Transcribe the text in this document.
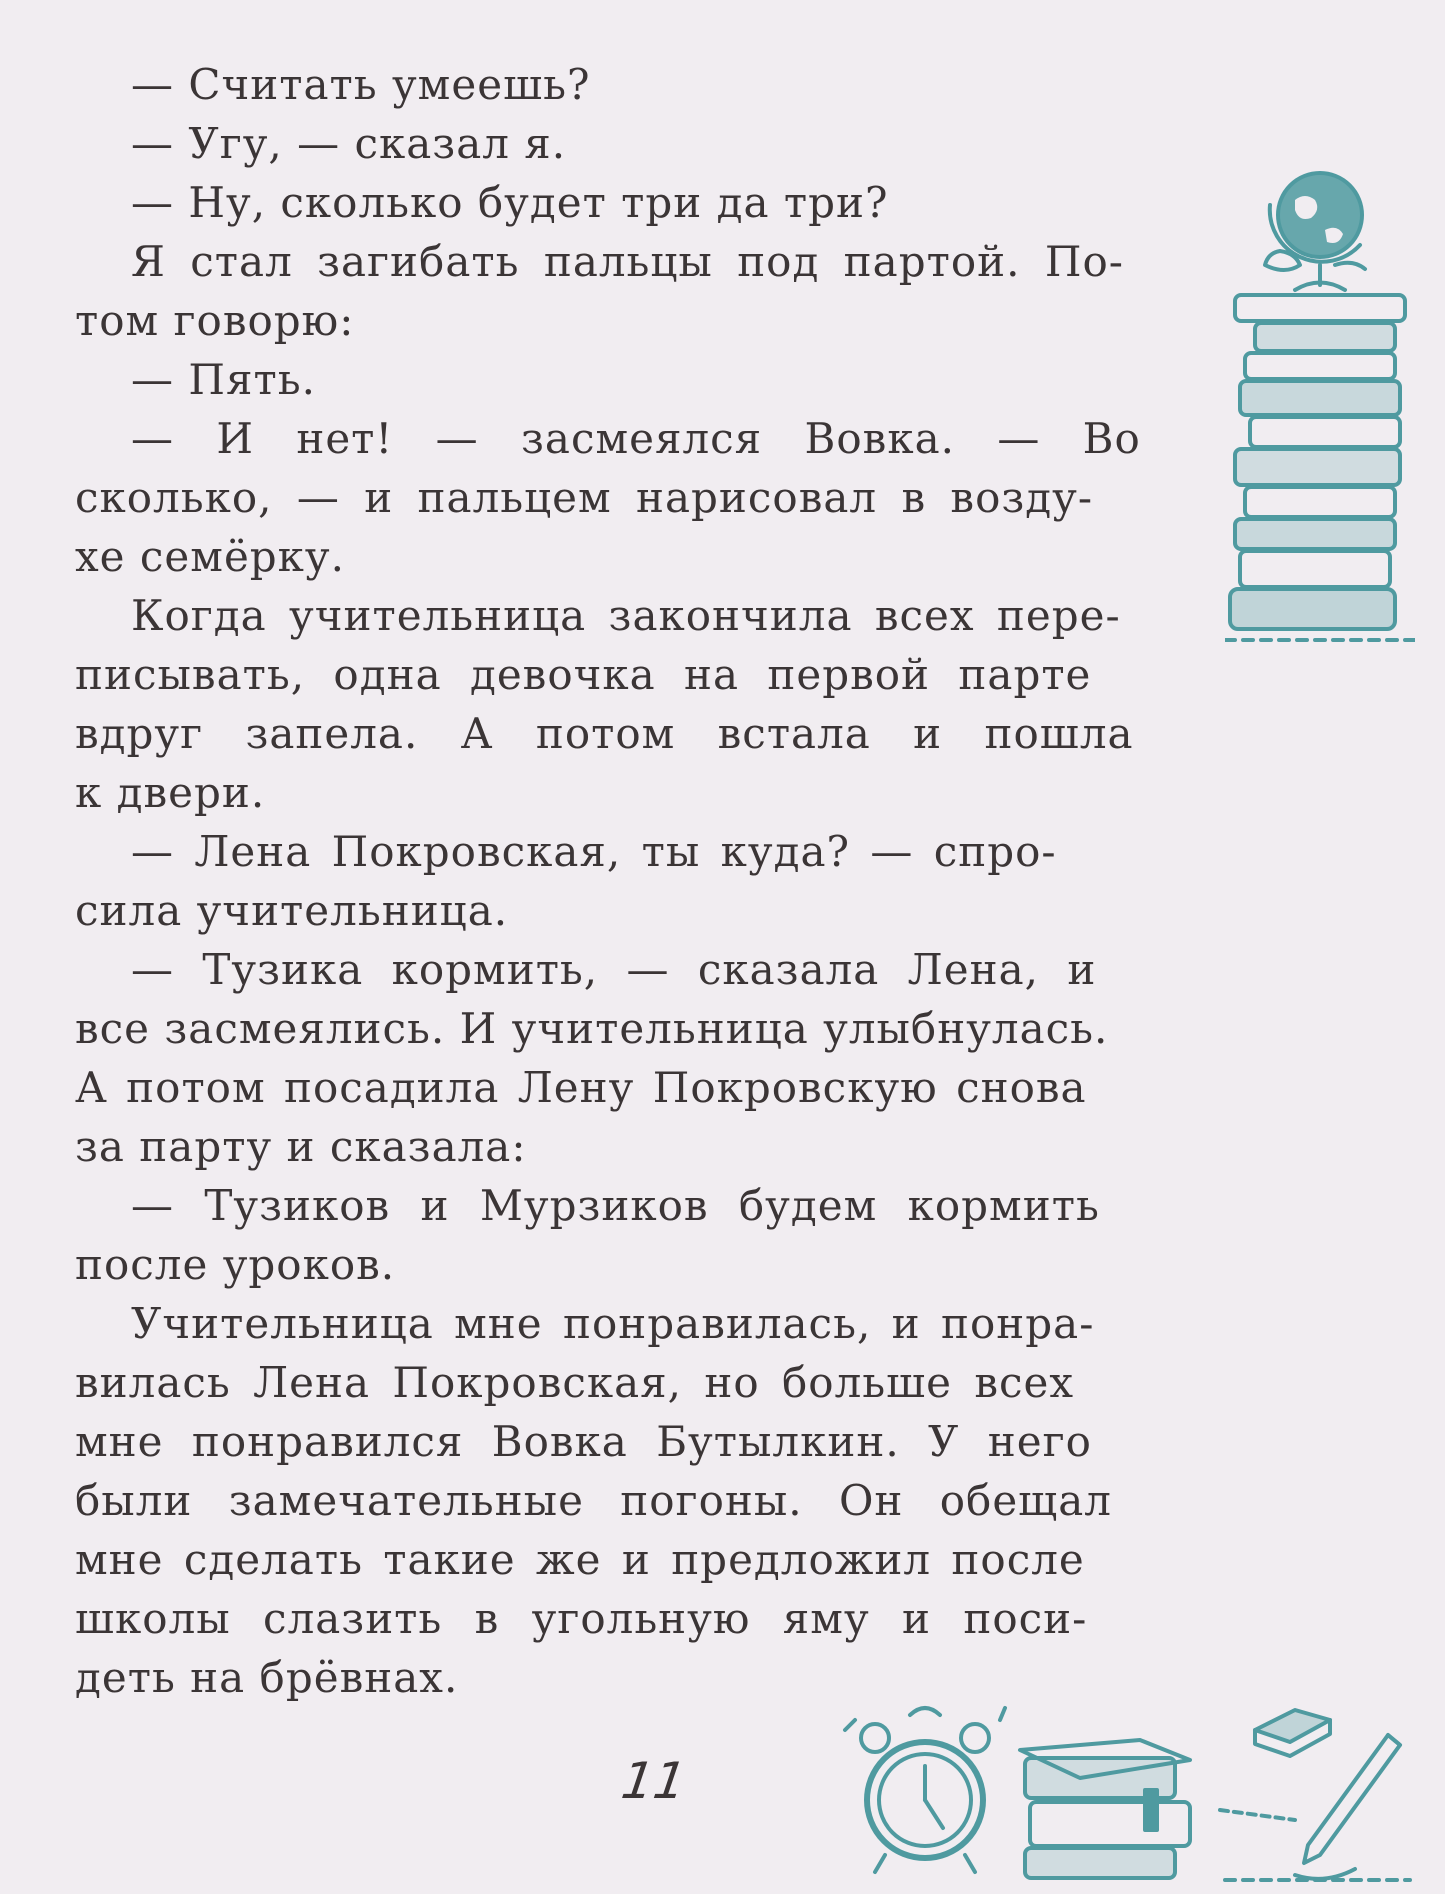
— Считать умеешь?
— Угу, — сказал я.
— Ну, сколько будет три да три?
Я стал загибать пальцы под партой. По-
том говорю:
— Пять.
— И нет! — засмеялся Вовка. — Во
сколько, — и пальцем нарисовал в возду-
хе семёрку.
Когда учительница закончила всех пере-
писывать, одна девочка на первой парте
вдруг запела. А потом встала и пошла
к двери.
— Лена Покровская, ты куда? — спро-
сила учительница.
— Тузика кормить, — сказала Лена, и
все засмеялись. И учительница улыбнулась.
А потом посадила Лену Покровскую снова
за парту и сказала:
— Тузиков и Мурзиков будем кормить
после уроков.
Учительница мне понравилась, и понра-
вилась Лена Покровская, но больше всех
мне понравился Вовка Бутылкин. У него
были замечательные погоны. Он обещал
мне сделать такие же и предложил после
школы слазить в угольную яму и поси-
деть на брёвнах.
11
